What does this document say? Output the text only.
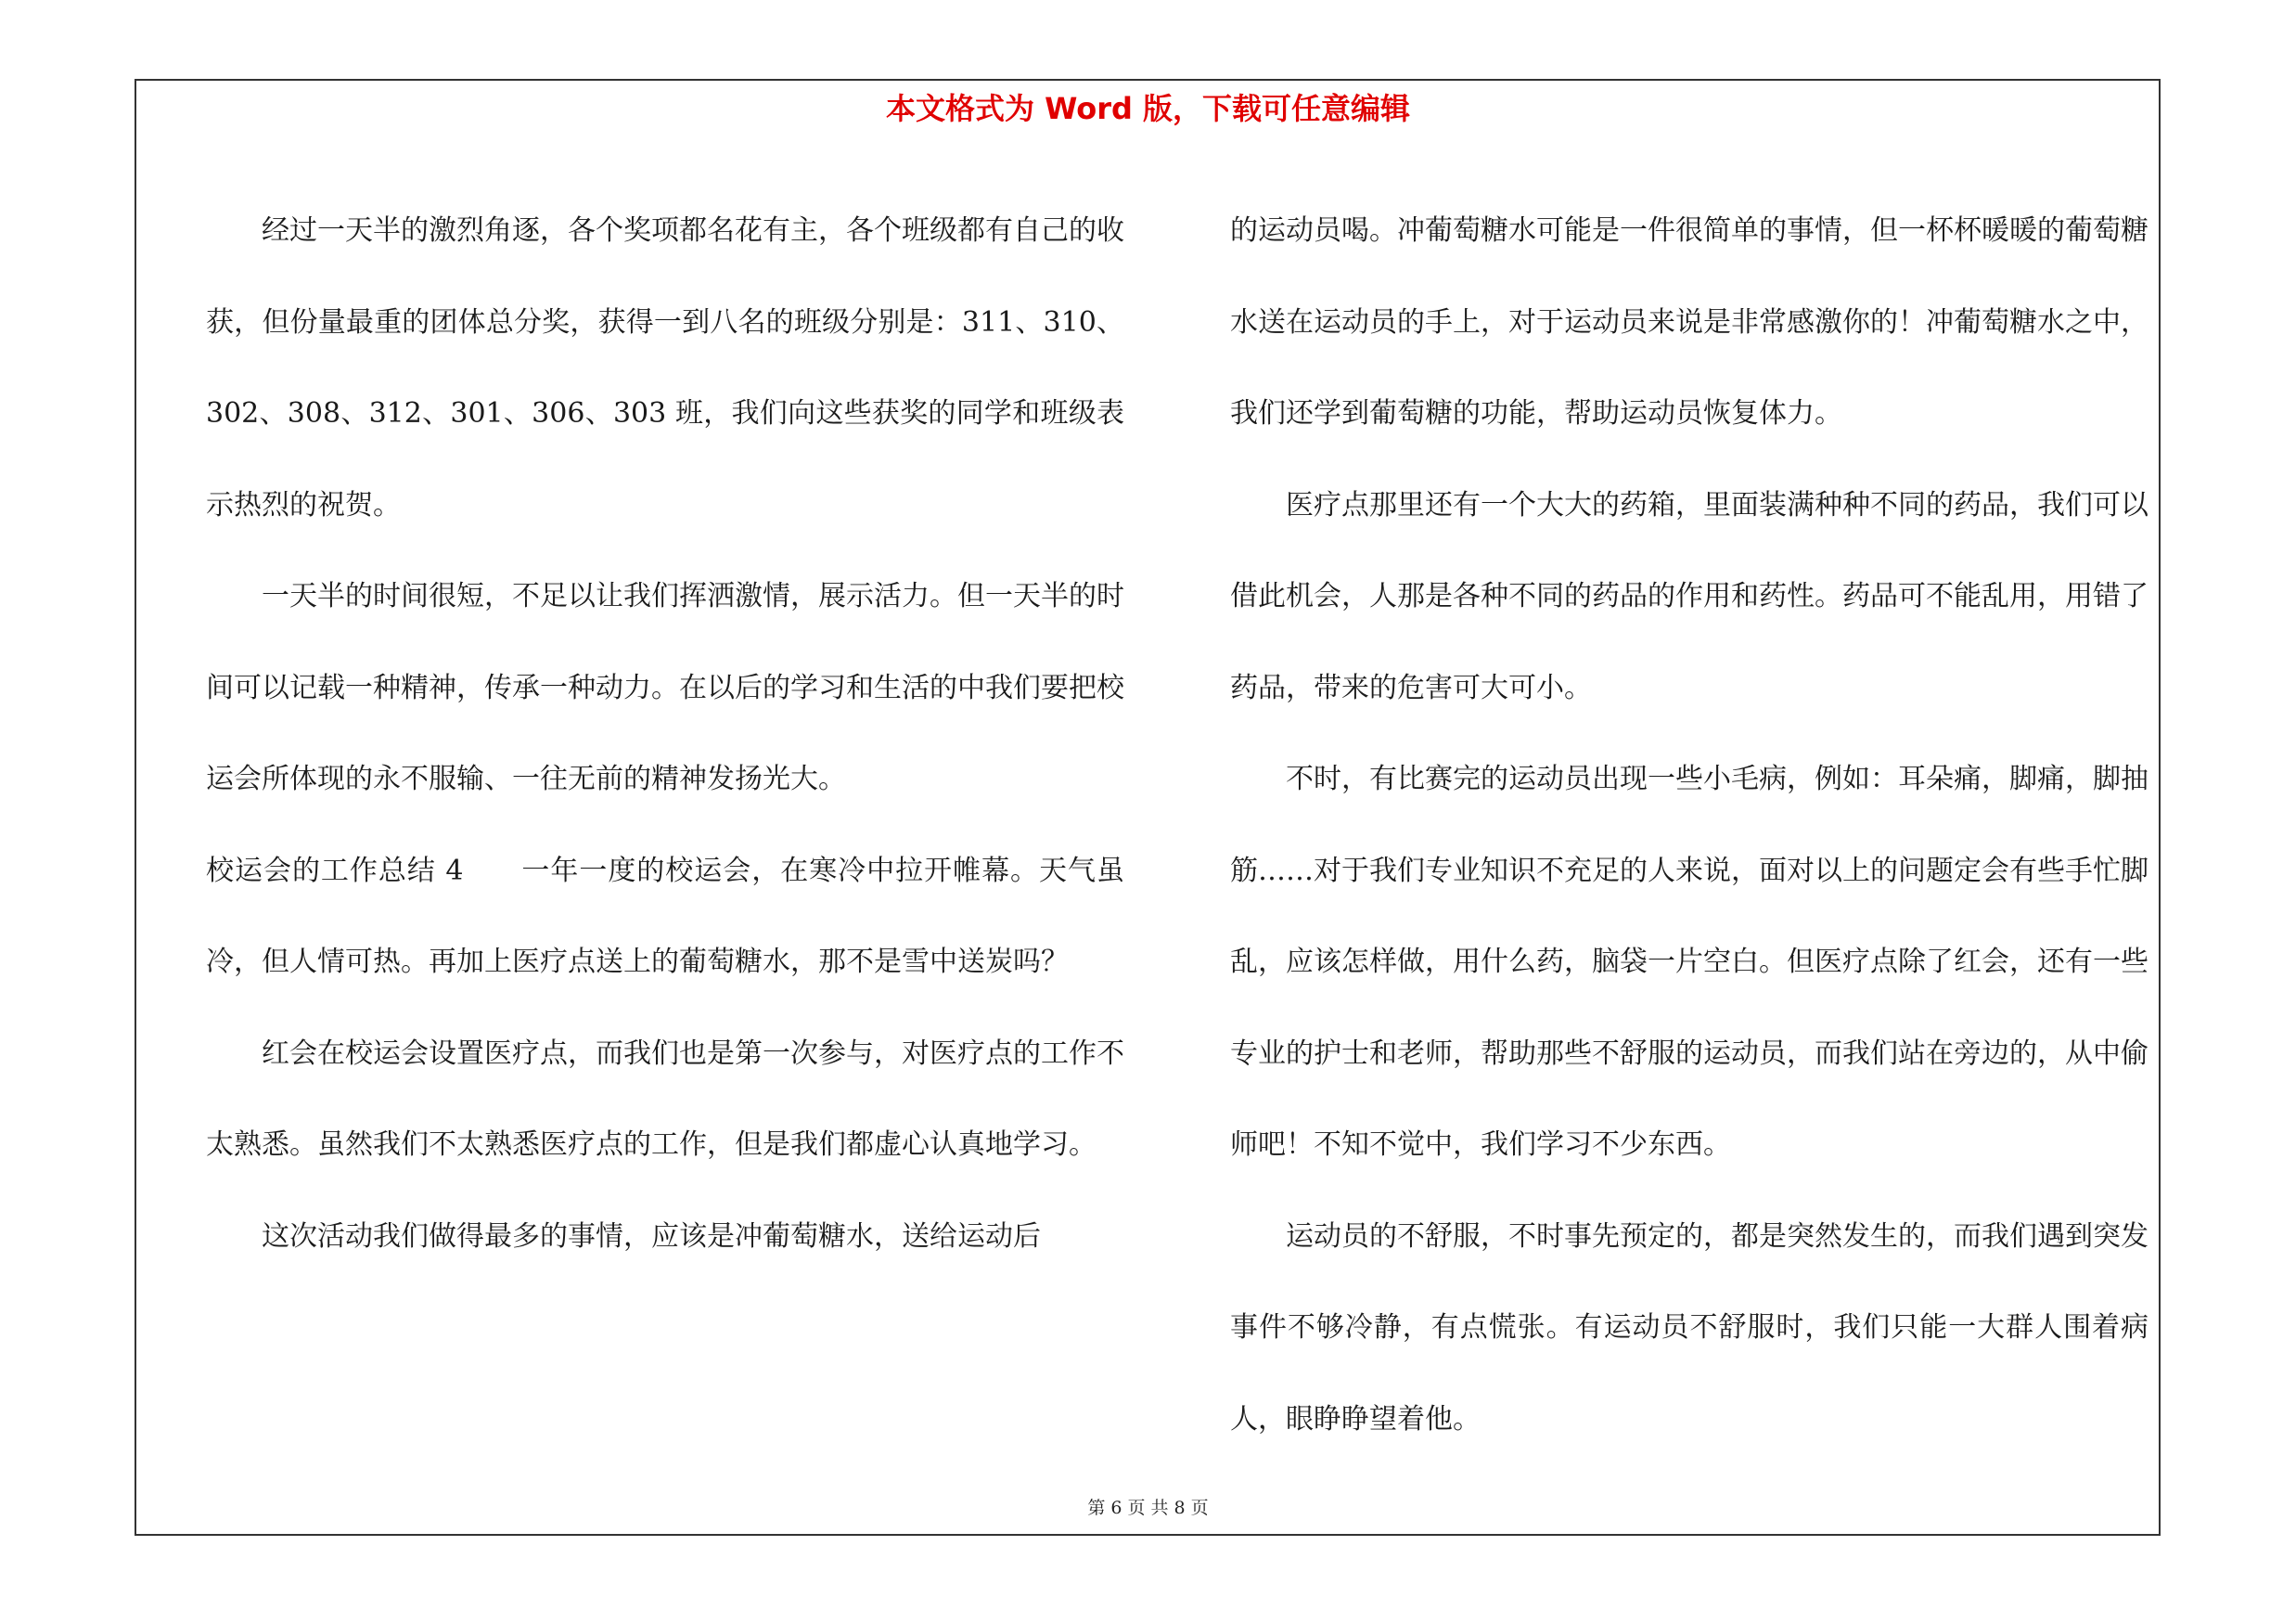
本文格式为 Word 版，下载可任意编辑

经过一天半的激烈角逐，各个奖项都名花有主，各个班级都有自己的收获，但份量最重的团体总分奖，获得一到八名的班级分别是：311、310、302、308、312、301、306、303 班，我们向这些获奖的同学和班级表示热烈的祝贺。

一天半的时间很短，不足以让我们挥洒激情，展示活力。但一天半的时间可以记载一种精神，传承一种动力。在以后的学习和生活的中我们要把校运会所体现的永不服输、一往无前的精神发扬光大。

校运会的工作总结 4　　一年一度的校运会，在寒冷中拉开帷幕。天气虽冷，但人情可热。再加上医疗点送上的葡萄糖水，那不是雪中送炭吗？

红会在校运会设置医疗点，而我们也是第一次参与，对医疗点的工作不太熟悉。虽然我们不太熟悉医疗点的工作，但是我们都虚心认真地学习。

这次活动我们做得最多的事情，应该是冲葡萄糖水，送给运动后

的运动员喝。冲葡萄糖水可能是一件很简单的事情，但一杯杯暖暖的葡萄糖水送在运动员的手上，对于运动员来说是非常感激你的！冲葡萄糖水之中，我们还学到葡萄糖的功能，帮助运动员恢复体力。

医疗点那里还有一个大大的药箱，里面装满种种不同的药品，我们可以借此机会，人那是各种不同的药品的作用和药性。药品可不能乱用，用错了药品，带来的危害可大可小。

不时，有比赛完的运动员出现一些小毛病，例如：耳朵痛，脚痛，脚抽筋……对于我们专业知识不充足的人来说，面对以上的问题定会有些手忙脚乱，应该怎样做，用什么药，脑袋一片空白。但医疗点除了红会，还有一些专业的护士和老师，帮助那些不舒服的运动员，而我们站在旁边的，从中偷师吧！不知不觉中，我们学习不少东西。

运动员的不舒服，不时事先预定的，都是突然发生的，而我们遇到突发事件不够冷静，有点慌张。有运动员不舒服时，我们只能一大群人围着病人，眼睁睁望着他。

第 6 页 共 8 页
